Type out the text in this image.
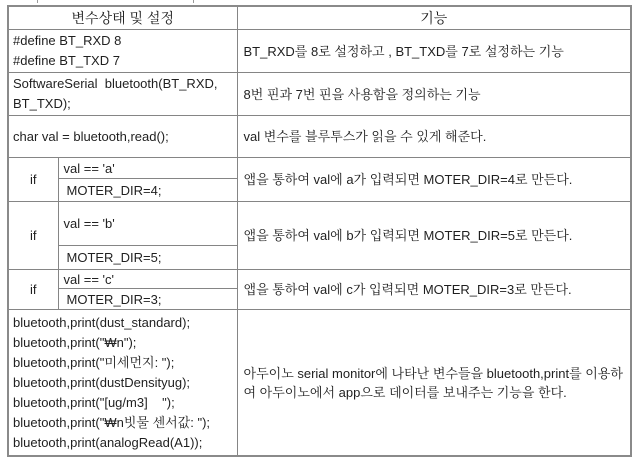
변수상태 및 설정		기능

#define BT_RXD 8
#define BT_TXD 7		BT_RXD를 8로 설정하고 , BT_TXD를 7로 설정하는 기능

SoftwareSerial  bluetooth(BT_RXD,
BT_TXD);		8번 핀과 7번 핀을 사용함을 정의하는 기능

char val = bluetooth,read();		val 변수를 블루투스가 읽을 수 있게 해준다.
if	val == 'a'	앱을 통하여 val에 a가 입력되면 MOTER_DIR=4로 만든다.
	MOTER_DIR=4;	
if	val == 'b'	앱을 통하여 val에 b가 입력되면 MOTER_DIR=5로 만든다.
	MOTER_DIR=5;	
if	val == 'c'	앱을 통하여 val에 c가 입력되면 MOTER_DIR=3로 만든다.
	MOTER_DIR=3;	

bluetooth,print(dust_standard);
bluetooth,print("₩n");
bluetooth,print("미세먼지: ");
bluetooth,print(dustDensityug);
bluetooth,print("[ug/m3]    ");
bluetooth,print("₩n빗물 센서값: ");
bluetooth,print(analogRead(A1));
	아두이노 serial monitor에 나타난 변수들을 bluetooth,print를 이용하여 아두이노에서 app으로 데이터를 보내주는 기능을 한다.
